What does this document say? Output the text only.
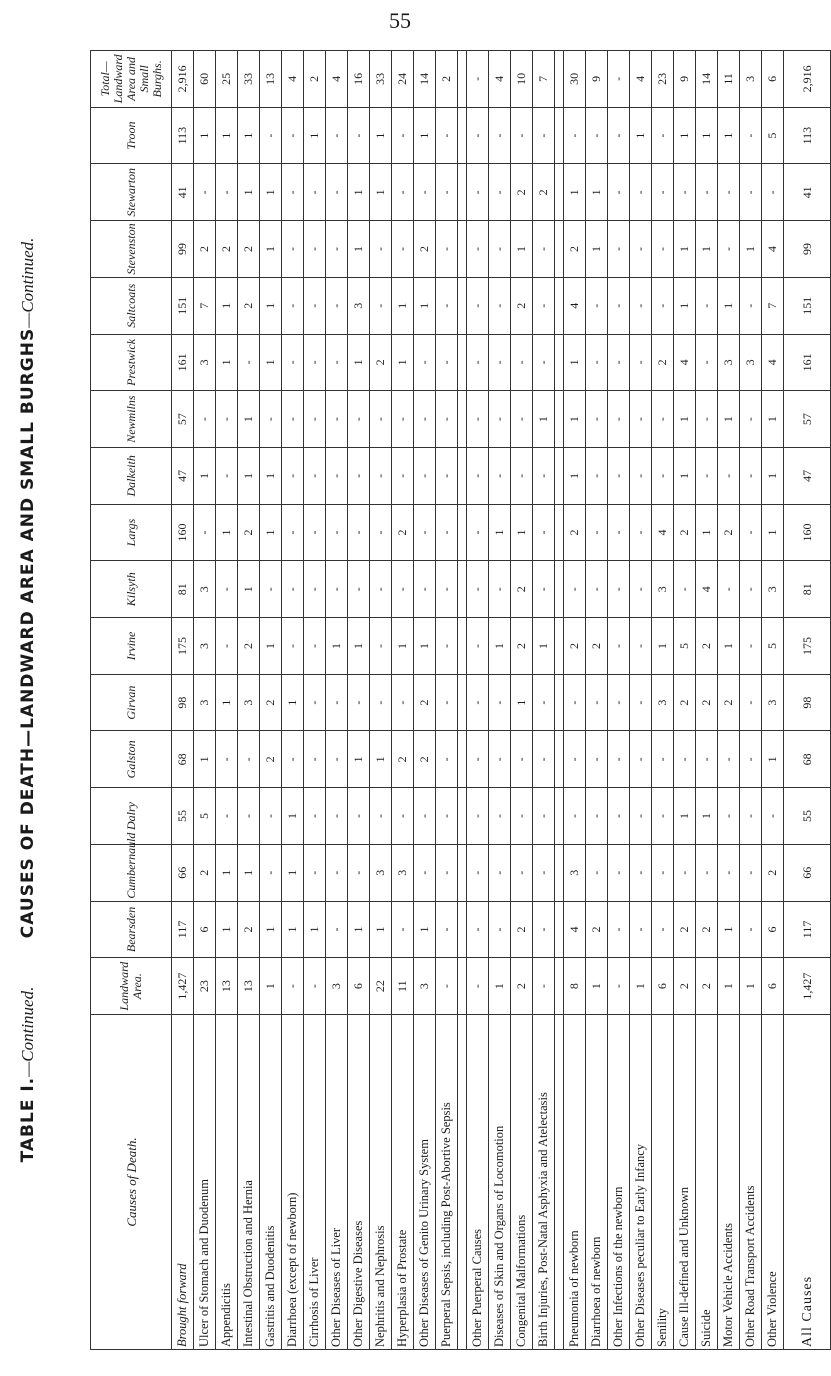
55
TABLE I.—Continued.       CAUSES OF DEATH—LANDWARD AREA AND SMALL BURGHS—Continued.
Causes of Death.	Landward Area.	Bearsden	Cumbernauld	Dalry	Galston	Girvan	Irvine	Kilsyth	Largs	Dalkeith	Newmilns	Prestwick	Saltcoats	Stevenston	Stewarton	Troon	Total—Landward Area and Small Burghs.
Brought forward	1,427	117	66	55	68	98	175	81	160	47	57	161	151	99	41	113	2,916
Ulcer of Stomach and Duodenum	23	6	2	5	1	3	3	3	-	1	-	3	7	2	-	1	60
Appendicitis	13	1	1	-	-	1	-	-	1	-	-	1	1	2	-	1	25
Intestinal Obstruction and Hernia	13	2	1	-	-	3	2	1	2	1	1	-	2	2	1	1	33
Gastritis and Duodenitis	1	1	-	-	2	2	1	-	1	1	-	1	1	1	1	-	13
Diarrhoea (except of newborn)	-	1	1	1	-	1	-	-	-	-	-	-	-	-	-	-	4
Cirrhosis of Liver	-	1	-	-	-	-	-	-	-	-	-	-	-	-	-	1	2
Other Diseases of Liver	3	-	-	-	-	-	1	-	-	-	-	-	-	-	-	-	4
Other Digestive Diseases	6	1	-	-	1	-	1	-	-	-	-	1	3	1	1	-	16
Nephritis and Nephrosis	22	1	3	-	1	-	-	-	-	-	-	2	-	-	1	1	33
Hyperplasia of Prostate	11	-	3	-	2	-	1	-	2	-	-	1	1	-	-	-	24
Other Diseases of Genito Urinary System	3	1	-	-	2	2	1	-	-	-	-	-	1	2	-	1	14
Puerperal Sepsis, including Post-Abortive Sepsis	-	-	-	-	-	-	-	-	-	-	-	-	-	-	-	-	2

Other Puerperal Causes	-	-	-	-	-	-	-	-	-	-	-	-	-	-	-	-	-
Diseases of Skin and Organs of Locomotion	1	-	-	-	-	-	1	-	1	-	-	-	-	-	-	-	4
Congenital Malformations	2	2	-	-	-	1	2	2	1	-	-	-	2	1	2	-	10
Birth Injuries, Post-Natal Asphyxia and Atelectasis	-	-	-	-	-	-	1	-	-	-	1	-	-	-	2	-	7

Pneumonia of newborn	8	4	3	-	-	-	2	-	2	1	1	1	4	2	1	-	30
Diarrhoea of newborn	1	2	-	-	-	-	2	-	-	-	-	-	-	1	1	-	9
Other Infections of the newborn	-	-	-	-	-	-	-	-	-	-	-	-	-	-	-	-	-
Other Diseases peculiar to Early Infancy	1	-	-	-	-	-	-	-	-	-	-	-	-	-	-	1	4
Senility	6	-	-	-	-	3	1	3	4	-	-	2	-	-	-	-	23
Cause Ill-defined and Unknown	2	2	-	1	-	2	5	-	2	1	1	4	1	1	-	1	9
Suicide	2	2	-	1	-	2	2	4	1	-	-	-	-	1	-	1	14
Motor Vehicle Accidents	1	1	-	-	-	2	1	-	2	-	1	3	1	-	-	1	11
Other Road Transport Accidents	1	-	-	-	-	-	-	-	-	-	-	3	-	1	-	-	3
Other Violence	6	6	2	-	1	3	5	3	1	1	1	4	7	4	-	5	6
All Causes	1,427	117	66	55	68	98	175	81	160	47	57	161	151	99	41	113	2,916
